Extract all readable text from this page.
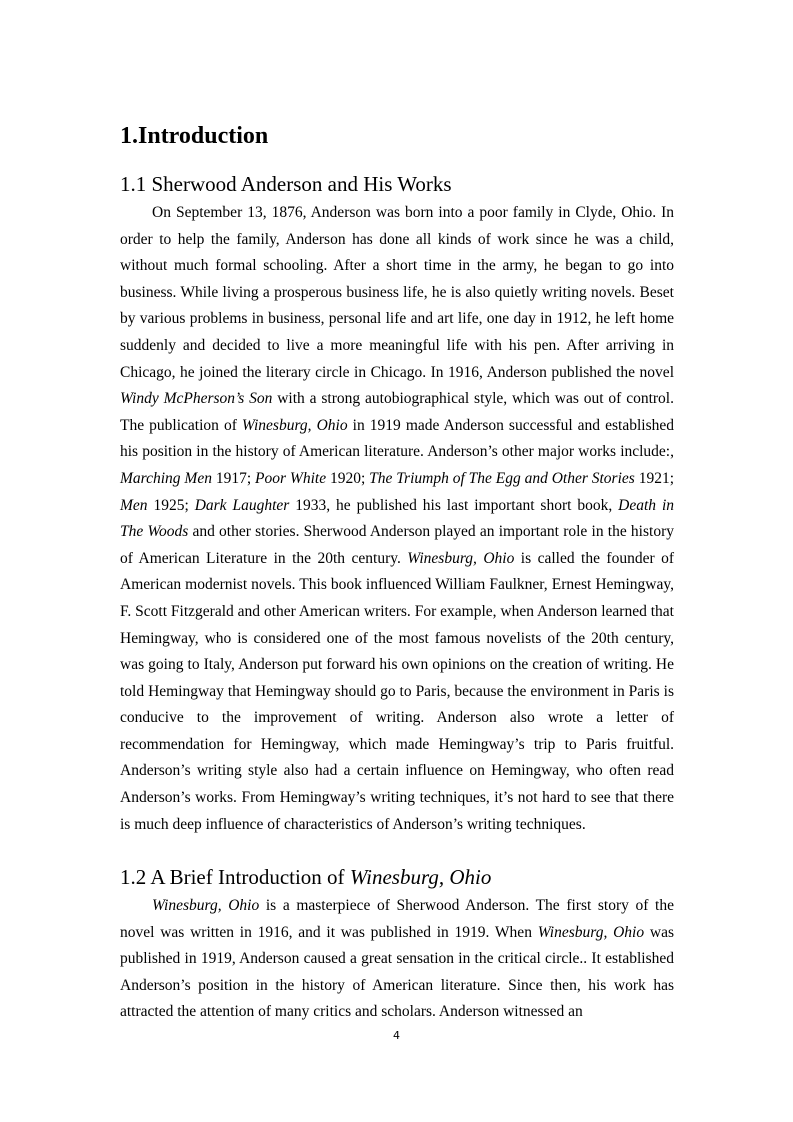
1.Introduction
1.1 Sherwood Anderson and His Works

On September 13, 1876, Anderson was born into a poor family in Clyde, Ohio. In order to help the family, Anderson has done all kinds of work since he was a child, without much formal schooling. After a short time in the army, he began to go into business. While living a prosperous business life, he is also quietly writing novels. Beset by various problems in business, personal life and art life, one day in 1912, he left home suddenly and decided to live a more meaningful life with his pen. After arriving in Chicago, he joined the literary circle in Chicago. In 1916, Anderson published the novel Windy McPherson’s Son with a strong autobiographical style, which was out of control. The publication of Winesburg, Ohio in 1919 made Anderson successful and established his position in the history of American literature. Anderson’s other major works include:, Marching Men 1917; Poor White 1920; The Triumph of The Egg and Other Stories 1921; Men 1925; Dark Laughter 1933, he published his last important short book, Death in The Woods and other stories. Sherwood Anderson played an important role in the history of American Literature in the 20th century. Winesburg, Ohio is called the founder of American modernist novels. This book influenced William Faulkner, Ernest Hemingway, F. Scott Fitzgerald and other American writers. For example, when Anderson learned that Hemingway, who is considered one of the most famous novelists of the 20th century, was going to Italy, Anderson put forward his own opinions on the creation of writing. He told Hemingway that Hemingway should go to Paris, because the environment in Paris is conducive to the improvement of writing. Anderson also wrote a letter of recommendation for Hemingway, which made Hemingway’s trip to Paris fruitful. Anderson’s writing style also had a certain influence on Hemingway, who often read Anderson’s works. From Hemingway’s writing techniques, it’s not hard to see that there is much deep influence of characteristics of Anderson’s writing techniques.

1.2 A Brief Introduction of Winesburg, Ohio

Winesburg, Ohio is a masterpiece of Sherwood Anderson. The first story of the novel was written in 1916, and it was published in 1919. When Winesburg, Ohio was published in 1919, Anderson caused a great sensation in the critical circle.. It established Anderson’s position in the history of American literature. Since then, his work has attracted the attention of many critics and scholars. Anderson witnessed an

4
